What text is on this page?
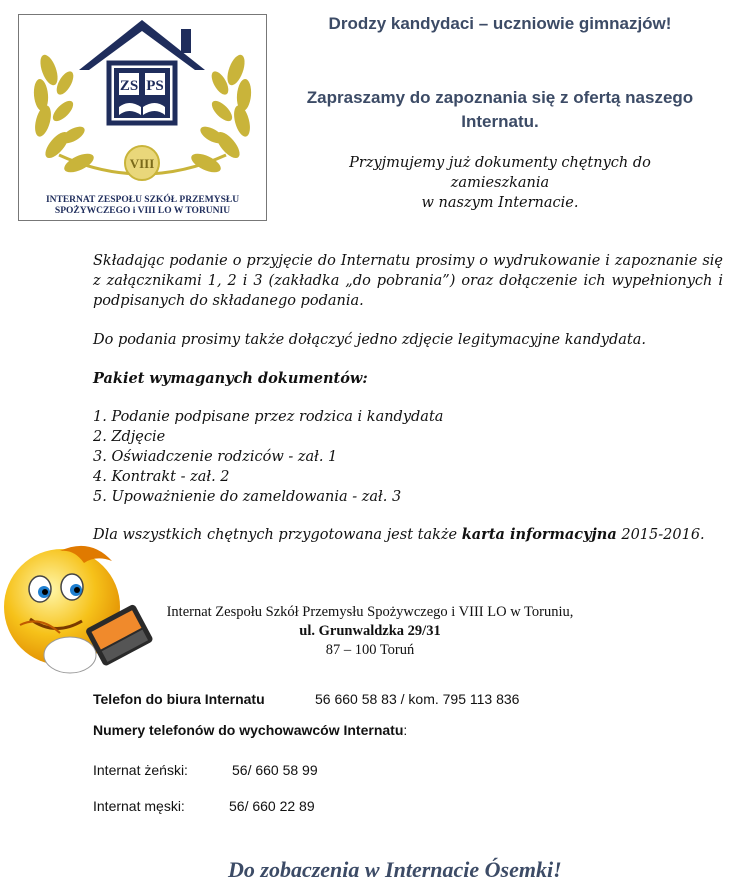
ZS PS
VIII
INTERNAT ZESPOŁU SZKÓŁ PRZEMYSŁU
SPOŻYWCZEGO i VIII LO W TORUNIU
Drodzy kandydaci – uczniowie gimnazjów!
Zapraszamy do zapoznania się z ofertą naszego Internatu.
Przyjmujemy już dokumenty chętnych do zamieszkania
w naszym Internacie.
Składając podanie o przyjęcie do Internatu prosimy o wydrukowanie i zapoznanie się z załącznikami 1, 2 i 3 (zakładka „do pobrania”) oraz dołączenie ich wypełnionych i podpisanych do składanego podania.
Do podania prosimy także dołączyć jedno zdjęcie legitymacyjne kandydata.
Pakiet wymaganych dokumentów:
1. Podanie podpisane przez rodzica i kandydata
2. Zdjęcie
3. Oświadczenie rodziców - zał. 1
4. Kontrakt - zał. 2
5. Upoważnienie do zameldowania - zał. 3
Dla wszystkich chętnych przygotowana jest także karta informacyjna 2015-2016.
Internat Zespołu Szkół Przemysłu Spożywczego i VIII LO w Toruniu,
ul. Grunwaldzka 29/31
87 – 100 Toruń
Telefon do biura Internatu	56 660 58 83 / kom. 795 113 836
Numery telefonów do wychowawców Internatu:
Internat żeński:	56/ 660 58 99
Internat męski:	56/ 660 22 89
Do zobaczenia w Internacie Ósemki!
